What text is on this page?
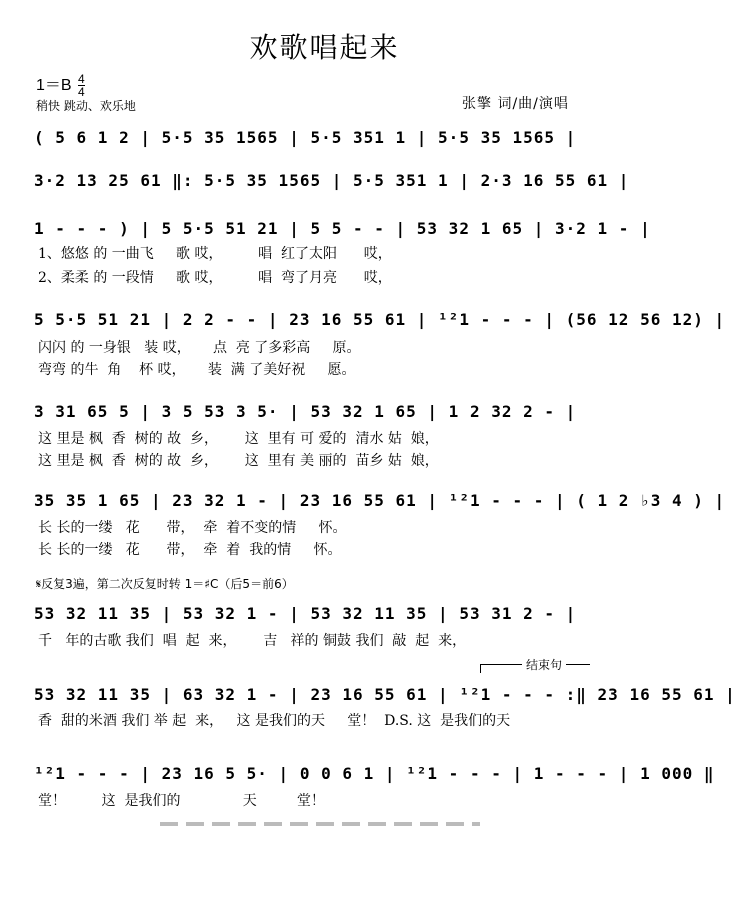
欢歌唱起来
$1=B \frac{4}{4}$
稍快 跳动、欢乐地	张擎 词/曲/演唱
( 5 6 1 2 | 5·5 35 1565 | 5·5 351 1 | 5·5 35 1565 |
3·2 13 25 61 ‖: 5·5 35 1565 | 5·5 351 1 | 2·3 16 55 61 |
1 - - - ) | 5 5·5 51 21 | 5 5 - - | 53 32 1 65 | 3·2 1 - |
1、悠悠 的 一曲飞     歌 哎，        唱  红了太阳      哎，
2、柔柔 的 一段情     歌 哎，        唱  弯了月亮      哎，
5 5·5 51 21 | 2 2 - - | 23 16 55 61 | ¹²1 - - - | (56 12 56 12) |
闪闪 的 一身银   装 哎，     点  亮 了多彩高     原。
弯弯 的牛  角    杯 哎，     装  满 了美好祝     愿。
3 31 65 5 | 3 5 53 3 5· | 53 32 1 65 | 1 2 32 2 - |
这 里是 枫  香  树的 故  乡，      这  里有 可 爱的  清水 姑  娘，
这 里是 枫  香  树的 故  乡，      这  里有 美 丽的  苗乡 姑  娘，
35 35 1 65 | 23 32 1 - | 23 16 55 61 | ¹²1 - - - | ( 1 2 ♭3 4 ) |
长 长的一缕   花      带，  牵  着不变的情     怀。
长 长的一缕   花      带，  牵  着  我的情     怀。
𝄋反复3遍，第二次反复时转 1＝♯C（后5＝前6）
53 32 11 35 | 53 32 1 - | 53 32 11 35 | 53 31 2 - |
千   年的古歌 我们  唱  起  来，      吉   祥的 铜鼓 我们  敲  起  来，
结束句
53 32 11 35 | 63 32 1 - | 23 16 55 61 | ¹²1 - - - :‖ 23 16 55 61 |
香  甜的米酒 我们 举 起  来，   这 是我们的天     堂！  D.S. 这  是我们的天
¹²1 - - - | 23 16 5 5· | 0 0 6 1 | ¹²1 - - - | 1 - - - | 1 000 ‖
堂！        这  是我们的              天         堂！
